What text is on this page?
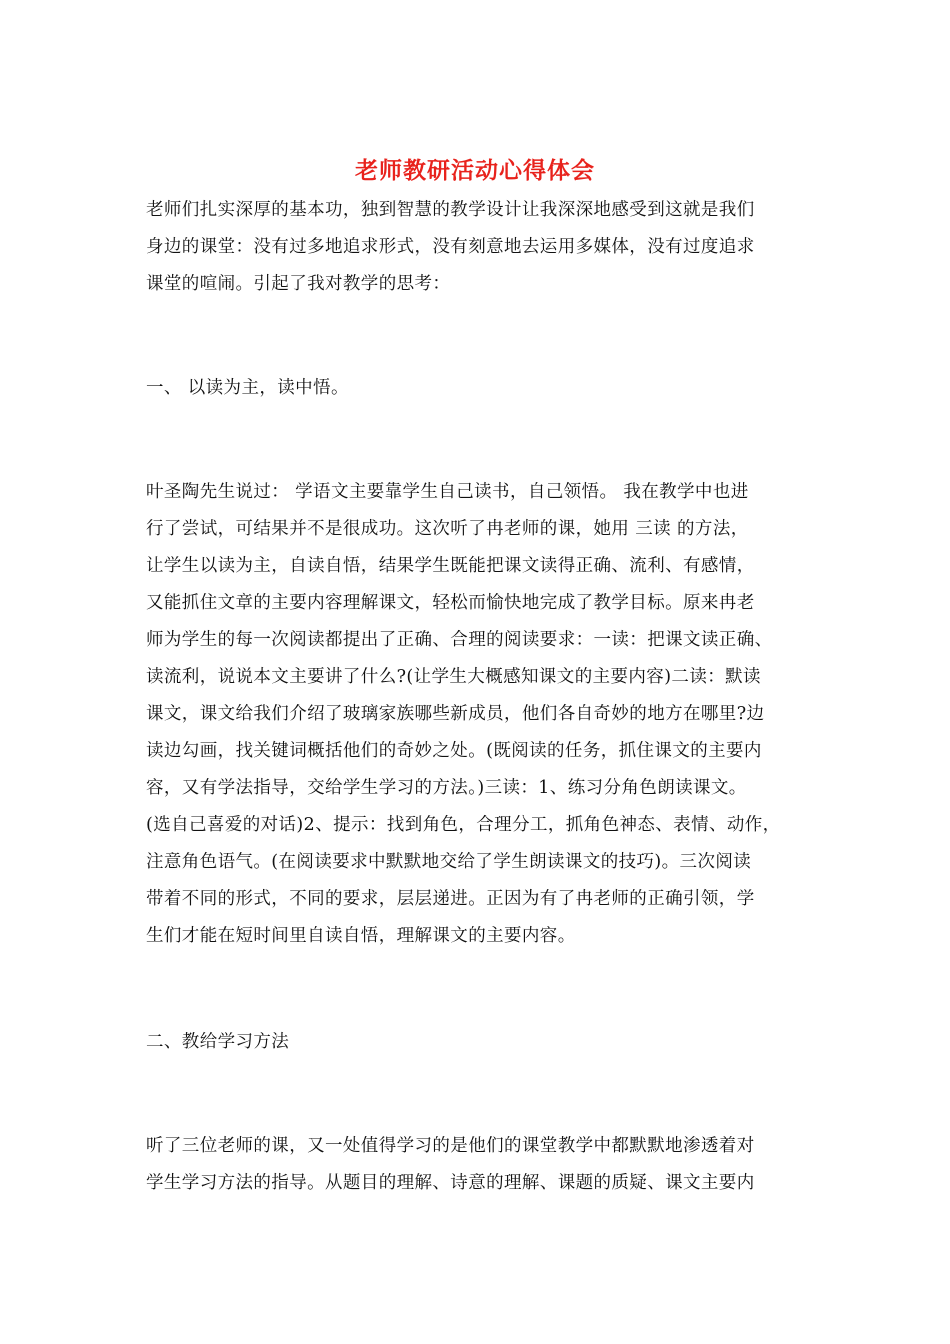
老师教研活动心得体会
老师们扎实深厚的基本功，独到智慧的教学设计让我深深地感受到这就是我们
身边的课堂：没有过多地追求形式，没有刻意地去运用多媒体，没有过度追求
课堂的喧闹。引起了我对教学的思考：
一、 以读为主，读中悟。
叶圣陶先生说过： 学语文主要靠学生自己读书，自己领悟。 我在教学中也进
行了尝试，可结果并不是很成功。这次听了冉老师的课，她用 三读 的方法，
让学生以读为主，自读自悟，结果学生既能把课文读得正确、流利、有感情，
又能抓住文章的主要内容理解课文，轻松而愉快地完成了教学目标。原来冉老
师为学生的每一次阅读都提出了正确、合理的阅读要求：一读：把课文读正确、
读流利，说说本文主要讲了什么?(让学生大概感知课文的主要内容)二读：默读
课文，课文给我们介绍了玻璃家族哪些新成员，他们各自奇妙的地方在哪里?边
读边勾画，找关键词概括他们的奇妙之处。(既阅读的任务，抓住课文的主要内
容，又有学法指导，交给学生学习的方法。)三读：1、练习分角色朗读课文。
(选自己喜爱的对话)2、提示：找到角色，合理分工，抓角色神态、表情、动作，
注意角色语气。(在阅读要求中默默地交给了学生朗读课文的技巧)。三次阅读
带着不同的形式，不同的要求，层层递进。正因为有了冉老师的正确引领，学
生们才能在短时间里自读自悟，理解课文的主要内容。
二、教给学习方法
听了三位老师的课，又一处值得学习的是他们的课堂教学中都默默地渗透着对
学生学习方法的指导。从题目的理解、诗意的理解、课题的质疑、课文主要内
